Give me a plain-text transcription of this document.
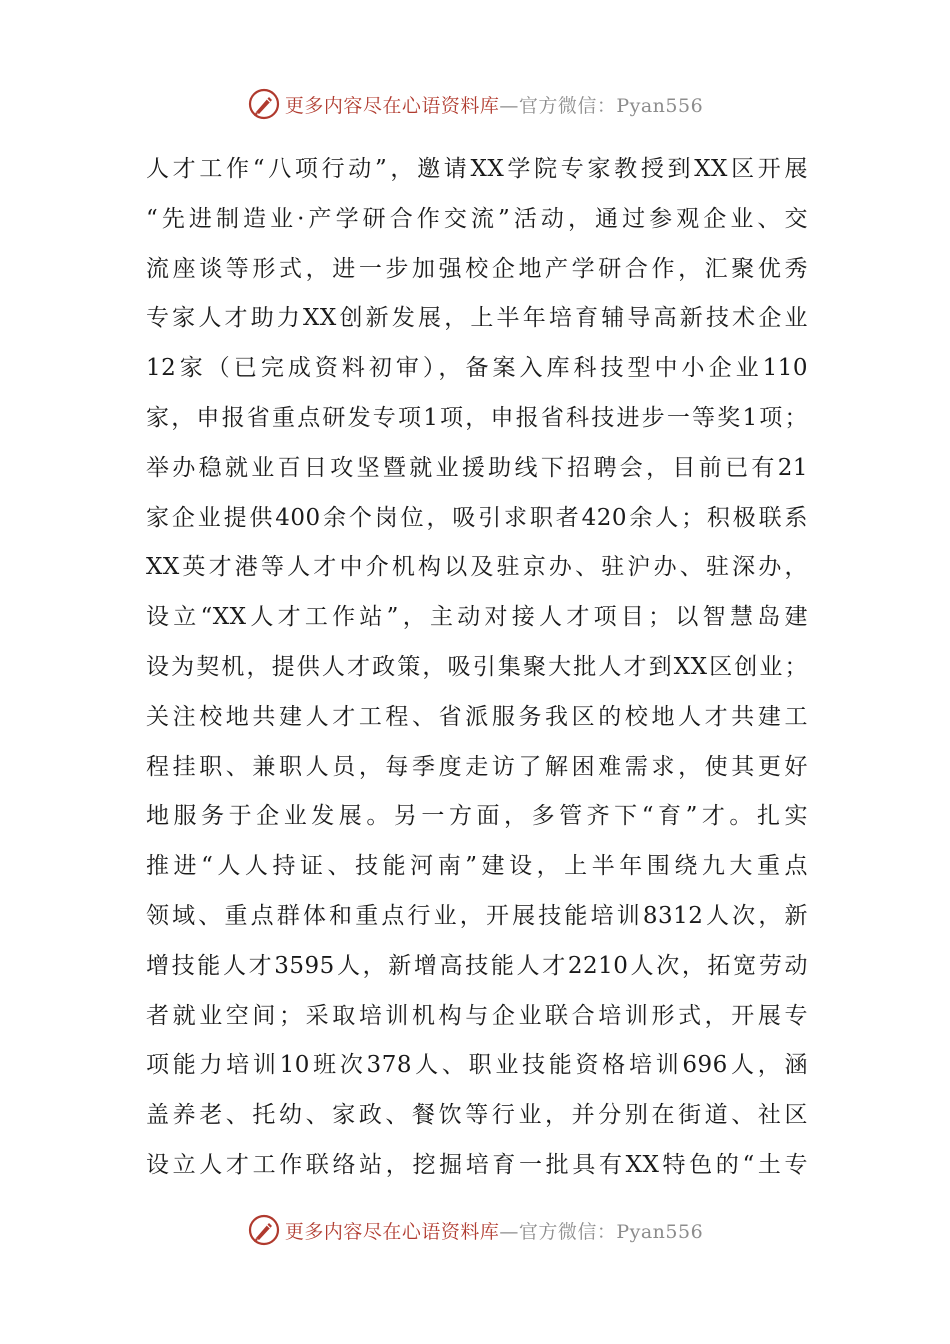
更多内容尽在心语资料库—官方微信：Pyan556
人才工作“八项行动”，邀请XX学院专家教授到XX区开展
“先进制造业·产学研合作交流”活动，通过参观企业、交
流座谈等形式，进一步加强校企地产学研合作，汇聚优秀
专家人才助力XX创新发展，上半年培育辅导高新技术企业
12家（已完成资料初审），备案入库科技型中小企业110
家，申报省重点研发专项1项，申报省科技进步一等奖1项；
举办稳就业百日攻坚暨就业援助线下招聘会，目前已有21
家企业提供400余个岗位，吸引求职者420余人；积极联系
XX英才港等人才中介机构以及驻京办、驻沪办、驻深办，
设立“XX人才工作站”，主动对接人才项目；以智慧岛建
设为契机，提供人才政策，吸引集聚大批人才到XX区创业；
关注校地共建人才工程、省派服务我区的校地人才共建工
程挂职、兼职人员，每季度走访了解困难需求，使其更好
地服务于企业发展。另一方面，多管齐下“育”才。扎实
推进“人人持证、技能河南”建设，上半年围绕九大重点
领域、重点群体和重点行业，开展技能培训8312人次，新
增技能人才3595人，新增高技能人才2210人次，拓宽劳动
者就业空间；采取培训机构与企业联合培训形式，开展专
项能力培训10班次378人、职业技能资格培训696人，涵
盖养老、托幼、家政、餐饮等行业，并分别在街道、社区
设立人才工作联络站，挖掘培育一批具有XX特色的“土专
更多内容尽在心语资料库—官方微信：Pyan556
